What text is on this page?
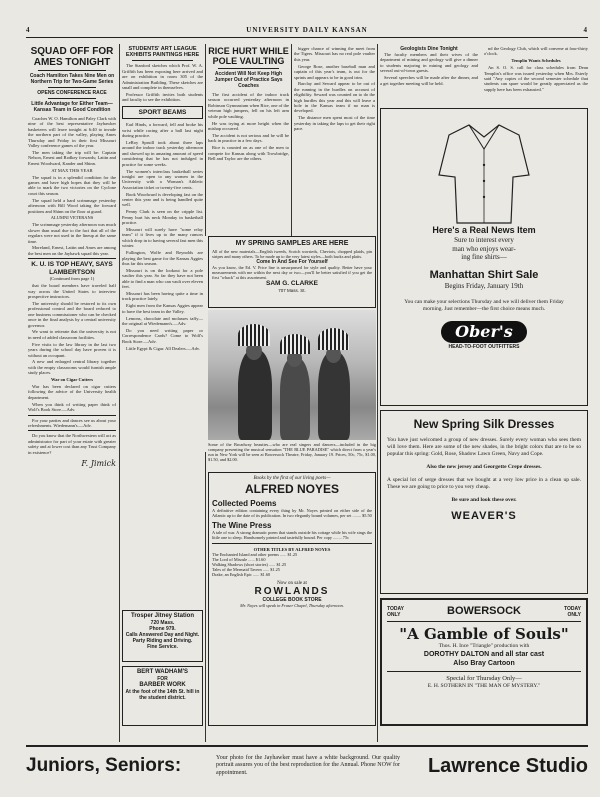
4	UNIVERSITY DAILY KANSAN	4
SQUAD OFF FOR AMES TONIGHT
Coach Hamilton Takes Nine Men on Northern Trip for Two-Game Series
OPENS CONFERENCE RACE
Little Advantage for Either Team—Kansas Team in Good Condition

Coaches W. O. Hamilton and Paley Clark with nine of the best representative Jayhawker basketeers will leave tonight at 6:40 to invade the northern part of the valley, playing Ames Thursday and Friday in their first Missouri Valley conference games of the year.

The men taking the trip will be: Captain Nelson, Ernest and Rodkey forwards; Lattin and Ernest Woodward, Kander and Shinn.

AT MAX THIS YEAR

The squad is in a splendid condition for the games and have high hopes that they will be able to mark the two victories on the Cyclone court this season.

The squad held a hard scrimmage yesterday afternoon with Bill Wood taking the forward positions and Shinn on the floor at guard.

ALUMNI VETERANS

The scrimmage yesterday afternoon was much slower than usual due to the fact that all of the regulars were not used in the lineup at the same time.

Moreland, Ernest, Lattin and Ames are among the best men on the Jayhawk squad this year.

K. U. IS TOP HEAVY, SAYS LAMBERTSON

(Continued from page 1)

that the board members have traveled half way across the United States to interview prospective instructors.

The university should be restored to its own professional control and the board reduced to one business commissioner who can be checked once in the final analysis by a central university governor.

We want to reiterate that the university is not in need of added classroom facilities.

Five visits to the law library in the last two years during the school day have proven it is without an occupant.

A new and enlarged central library together with the empty classrooms would furnish ample study places.

War on Cigar Cutters

War has been declared on cigar cutters following the advice of the University health department.

When you think of writing paper think of Wolf's Book Store.—Adv.

For your parties and dances see us about your refreshments. Wiedemann's.—Adv.

Do you know that the Northwestern will act as administrator for part of your estate with greater safety and at lower cost than any Trust Company in existence?

F. Jimick
STUDENTS' ART LEAGUE EXHIBITS PAINTINGS HERE

The Stanford sketches which Prof. W. A. Griffith has been exposing here arrived and are on exhibition in room 305 of the Administration Building. These sketches are small and complete in themselves.

Professor Griffith invites both students and faculty to see the exhibition.

SPORT BEAMS

Earl Hinds, a forward, fell and broke his wrist while racing after a ball last night during practice.

LeRoy Spruill took about three laps around the indoor track yesterday afternoon and showed up in amazing amount of speed considering that he has not indulged in practice for some weeks.

The women's interclass basketball series tonight are open to any women in the University with a Woman's Athletic Association ticket or twenty-five cents.

Book Woodward is developing fast on the center this year and is being handled quite well.

Penny Clark is seen on the cripple list. Penny hurt his neck Monday in basketball practice.

Missouri will surely have "some relay team" if it lives up to the many rumors which drop in to having several fast men this winter.

Fullington, Wolfe and Reynolds are playing the best game for the Kansas Aggies thus far this season.

Missouri is on the lookout for a pole vaulter this year. So far they have not been able to find a man who can vault over eleven feet.

Missouri has been having quite a time in track practice lately.

Eight men from the Kansas Aggies appear to have the best team in the Valley.

Lemons, chocolate and molasses taffy—the original at Wiedemann's.—Adv.

Do you need writing paper or Correspondence Cards? Come to Wolf's Book Store.—Adv.

Little Egypt & Cigar. All Dealers.—Adv.

Trosper Jitney Station
720 Mass.
Phone 979.
Calls Answered Day and Night.
Party Riding and Driving.
Fine Service.
BERT WADHAM'S
FOR
BARBER WORK
At the foot of the 14th St. hill in the student district.
RICE HURT WHILE POLE VAULTING
Accident Will Not Keep High Jumper Out of Practice Says Coaches

The first accident of the indoor track season occurred yesterday afternoon in Robinson Gymnasium when Rice, one of the veteran high jumpers, fell on his left arm while pole vaulting.

He was trying at more height when the mishap occurred.

The accident is not serious and he will be back in practice in a few days.

Rice is counted on as one of the men to compete for Kansas along with Trowbridge, Bell and Taylor are the others.

bigger chance of winning the meet from the Tigers. Missouri has no real pole vaulter this year.

George Rose, another baseball man and captain of this year's team, is out for the sprints and appears to be in good trim.

Barclay and Seward appear to be out of the running in the hurdles on account of eligibility. Seward was counted on to do the high hurdles this year and this will leave a hole in the Kansas team if no man is developed.

The distance men spent most of the time yesterday in taking the laps to get their right pace.

Geologists Dine Tonight

The faculty members and their wives of the department of mining and geology will give a dinner to students majoring in mining and geology and several out-of-town guests.

Several speeches will be made after the dinner, and a get together meeting will be held.

nd the Geology Club, which will convene at four-thirty o'clock.

Templin Wants Schedules

An S. O. S. call for class schedules from Dean Templin's office was issued yesterday when Mrs. Esterly said "Any copies of the second semester schedule that students can spare would be greatly appreciated as the supply here has been exhausted."

MY SPRING SAMPLES ARE HERE
All of the new materials—English tweeds, Scotch worsteds, Cheviots, chopped plaids, pin stripes and many others. To be made up to the very latest styles—both backs and plaits.
Come In And See For Yourself
As you know, the Ed. V. Price line is unsurpassed for style and quality. Better have your measurements with me within the next day or two—you'll be better satisfied if you get the first "whack" at this assortment.
SAM G. CLARKE
707 Mass. St.

Some of the Broadway beauties—who are real singers and dancers—included in the big company presenting the musical sensation "THE BLUE PARADISE" which direct from a year's run in New York will be seen at Bowersock Theatre, Friday, January 19. Prices, 50c, 75c, $1.00, $1.50, and $2.00.

Books by the first of our living poets—
ALFRED NOYES
Collected Poems
A definitive edition containing every thing by Mr. Noyes printed on either side of the Atlantic up to the date of its publication. In two elegantly bound volumes, per set ........ $5.50
The Wine Press
A tale of war. A strong dramatic poem that stands outside his cottage while his wife sings the little one to sleep. Handsomely printed and tastefully bound. Per copy ........ 75c
OTHER TITLES BY ALFRED NOYES
The Enchanted Island and other poems ...... $1.25
The Lord of Misrule ...... $1.60
Walking Shadows (short stories) ...... $1.25
Tales of the Mermaid Tavern ...... $1.25
Drake, an English Epic ...... $1.60
Now on sale at
ROWLANDS
COLLEGE BOOK STORE
Mr. Noyes will speak in Fraser Chapel, Thursday afternoon.
Here's a Real News Item
Sure to interest every
man who enjoys wear-
ing fine shirts—
Manhattan Shirt Sale
Begins Friday, January 19th
You can make your selections Thursday and we will deliver them Friday morning. Just remember—the first choice means much.
Ober's
HEAD-TO-FOOT OUTFITTERS
New Spring Silk Dresses
You have just welcomed a group of new dresses. Surely every woman who sees them will love them. Here are some of the new shades, in the bright colors that are to be so popular this spring: Gold, Rose, Shadow Lawn Green, Navy and Cope.
Also the new jersey and Georgette Crepe dresses.
A special lot of serge dresses that we bought at a very low price in a clean up sale. These we are going to price to you very cheap.
Be sure and look these over.
WEAVER'S
TODAY ONLY	BOWERSOCK	TODAY ONLY
"A Gamble of Souls"
Thos. H. Ince "Triangle" production with
DOROTHY DALTON and all star cast
Also Bray Cartoon
Special for Thursday Only—
E. H. SOTHERN IN "THE MAN OF MYSTERY."
Juniors, Seniors:	Your photo for the Jayhawker must have a white background. Our quality portrait assures you of the best reproduction for the Annual. Phone NOW for appointment.	Lawrence Studio
